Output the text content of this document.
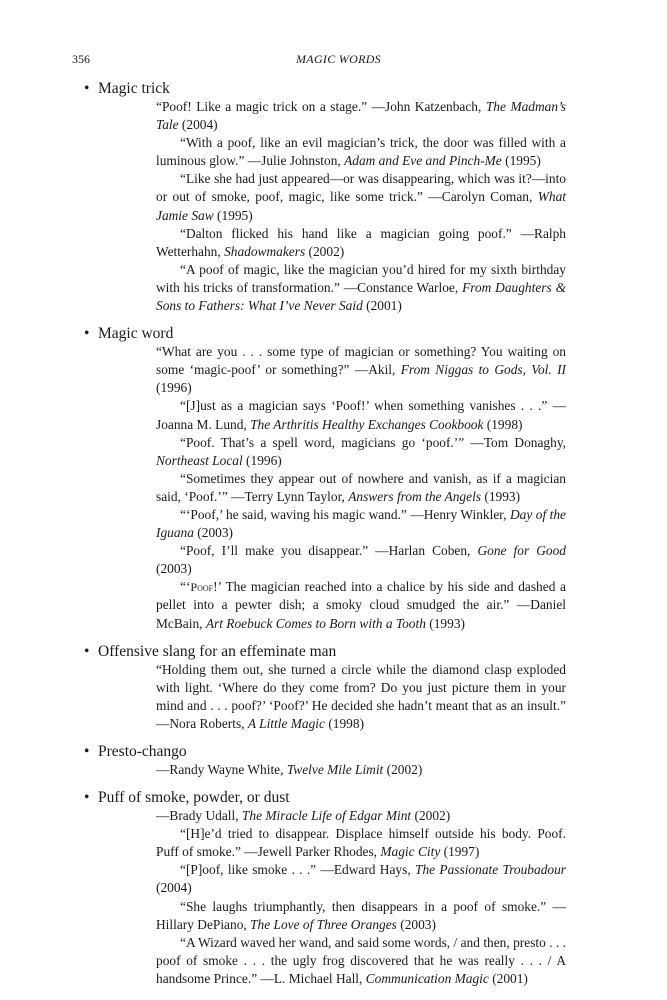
356	MAGIC WORDS
• Magic trick

“Poof! Like a magic trick on a stage.” —John Katzenbach, The Madman’s Tale (2004)

“With a poof, like an evil magician’s trick, the door was filled with a luminous glow.” —Julie Johnston, Adam and Eve and Pinch-Me (1995)

“Like she had just appeared—or was disappearing, which was it?—into or out of smoke, poof, magic, like some trick.” —Carolyn Coman, What Jamie Saw (1995)

“Dalton flicked his hand like a magician going poof.” —Ralph Wetterhahn, Shadowmakers (2002)

“A poof of magic, like the magician you’d hired for my sixth birthday with his tricks of transformation.” —Constance Warloe, From Daughters & Sons to Fathers: What I’ve Never Said (2001)

• Magic word

“What are you . . . some type of magician or something? You waiting on some ‘magic-poof’ or something?” —Akil, From Niggas to Gods, Vol. II (1996)

“[J]ust as a magician says ‘Poof!’ when something vanishes . . .” —Joanna M. Lund, The Arthritis Healthy Exchanges Cookbook (1998)

“Poof. That’s a spell word, magicians go ‘poof.’” —Tom Donaghy, Northeast Local (1996)

“Sometimes they appear out of nowhere and vanish, as if a magician said, ‘Poof.’” —Terry Lynn Taylor, Answers from the Angels (1993)

“‘Poof,’ he said, waving his magic wand.” —Henry Winkler, Day of the Iguana (2003)

“Poof, I’ll make you disappear.” —Harlan Coben, Gone for Good (2003)

“‘Poof!’ The magician reached into a chalice by his side and dashed a pellet into a pewter dish; a smoky cloud smudged the air.” —Daniel McBain, Art Roebuck Comes to Born with a Tooth (1993)

• Offensive slang for an effeminate man

“Holding them out, she turned a circle while the diamond clasp exploded with light. ‘Where do they come from? Do you just picture them in your mind and . . . poof?’ ‘Poof?’ He decided she hadn’t meant that as an insult.” —Nora Roberts, A Little Magic (1998)

• Presto-chango

—Randy Wayne White, Twelve Mile Limit (2002)

• Puff of smoke, powder, or dust

—Brady Udall, The Miracle Life of Edgar Mint (2002)

“[H]e’d tried to disappear. Displace himself outside his body. Poof. Puff of smoke.” —Jewell Parker Rhodes, Magic City (1997)

“[P]oof, like smoke . . .” —Edward Hays, The Passionate Troubadour (2004)

“She laughs triumphantly, then disappears in a poof of smoke.” —Hillary DePiano, The Love of Three Oranges (2003)

“A Wizard waved her wand, and said some words, / and then, presto . . . poof of smoke . . . the ugly frog discovered that he was really . . . / A handsome Prince.” —L. Michael Hall, Communication Magic (2001)
